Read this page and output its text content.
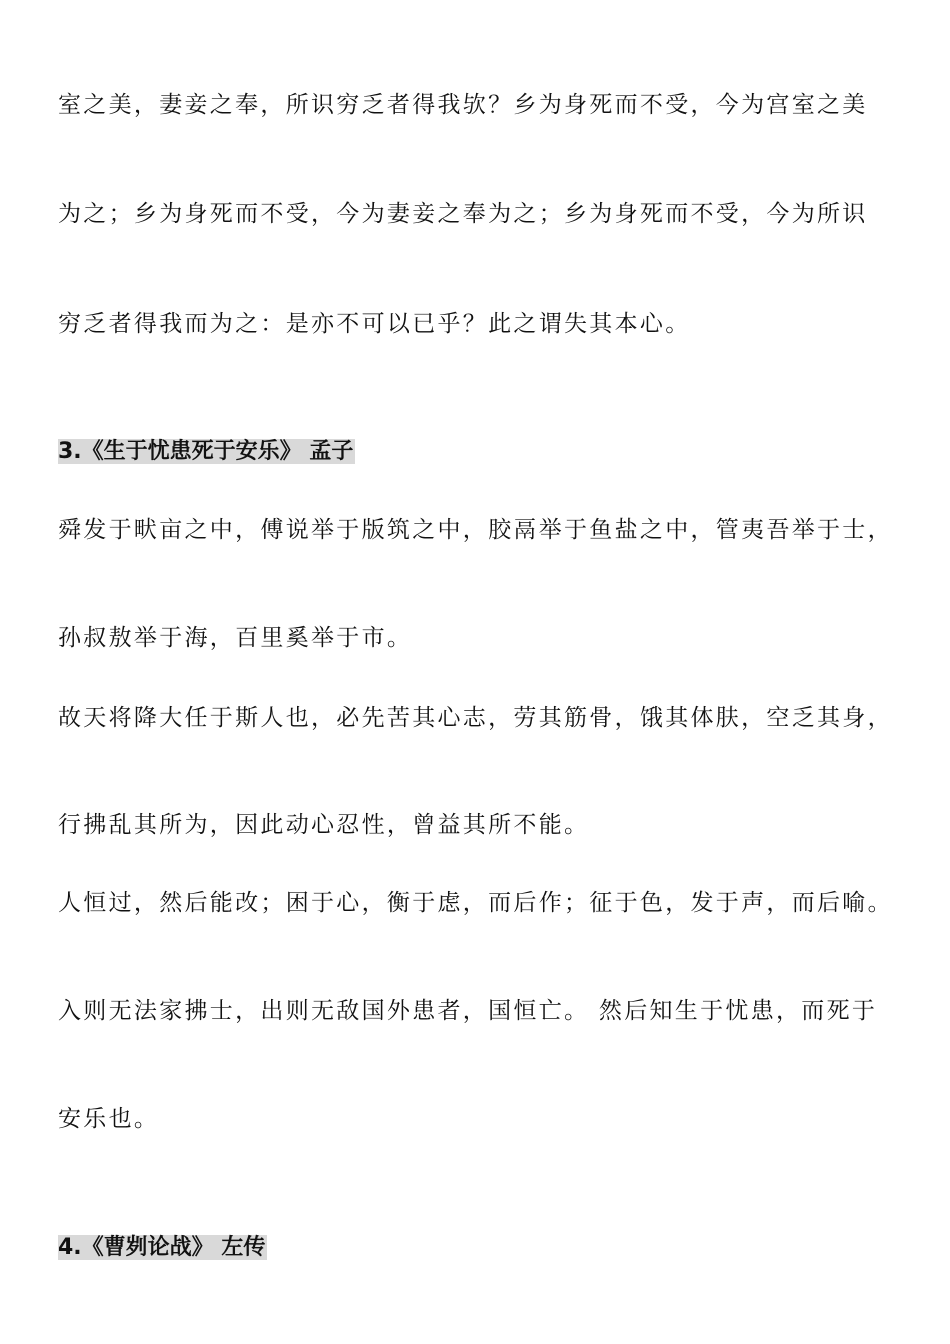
室之美，妻妾之奉，所识穷乏者得我欤？乡为身死而不受，今为宫室之美
为之；乡为身死而不受，今为妻妾之奉为之；乡为身死而不受，今为所识
穷乏者得我而为之：是亦不可以已乎？此之谓失其本心。
3.《生于忧患死于安乐》 孟子
舜发于畎亩之中，傅说举于版筑之中，胶鬲举于鱼盐之中，管夷吾举于士，
孙叔敖举于海，百里奚举于市。
故天将降大任于斯人也，必先苦其心志，劳其筋骨，饿其体肤，空乏其身，
行拂乱其所为，因此动心忍性，曾益其所不能。
人恒过，然后能改；困于心，衡于虑，而后作；征于色，发于声，而后喻。
入则无法家拂士，出则无敌国外患者，国恒亡。 然后知生于忧患，而死于
安乐也。
4.《曹刿论战》 左传
